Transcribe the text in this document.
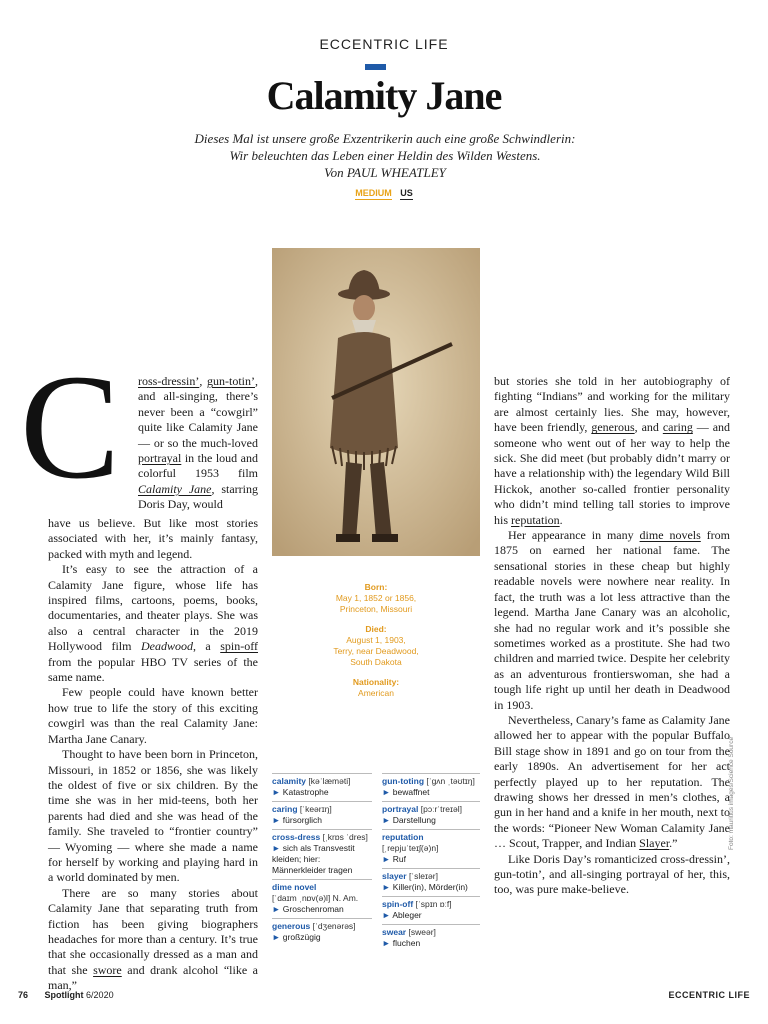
ECCENTRIC LIFE
Calamity Jane
Dieses Mal ist unsere große Exzentrikerin auch eine große Schwindlerin:
Wir beleuchten das Leben einer Heldin des Wilden Westens.
Von PAUL WHEATLEY
MEDIUM US
C ross-dressin’, gun-totin’, and all-singing, there’s never been a “cowgirl” quite like Calamity Jane — or so the much-loved portrayal in the loud and colorful 1953 film Calamity Jane, starring Doris Day, would

have us believe. But like most stories associated with her, it’s mainly fantasy, packed with myth and legend.

It’s easy to see the attraction of a Calamity Jane figure, whose life has inspired films, cartoons, poems, books, documentaries, and theater plays. She was also a central character in the 2019 Hollywood film Deadwood, a spin-off from the popular HBO TV series of the same name.

Few people could have known better how true to life the story of this exciting cowgirl was than the real Calamity Jane: Martha Jane Canary.

Thought to have been born in Princeton, Missouri, in 1852 or 1856, she was likely the oldest of five or six children. By the time she was in her mid-teens, both her parents had died and she was head of the family. She traveled to “frontier country” — Wyoming — where she made a name for herself by working and playing hard in a world dominated by men.

There are so many stories about Calamity Jane that separating truth from fiction has been giving biographers headaches for more than a century. It’s true that she occasionally dressed as a man and that she swore and drank alcohol “like a man,”

Born:
May 1, 1852 or 1856,
Princeton, Missouri
Died:
August 1, 1903,
Terry, near Deadwood,
South Dakota
Nationality:
American
calamity [kəˈlæməti]
► Katastrophe
caring [ˈkeərɪŋ]
► fürsorglich
cross-dress [ˌkrɒs ˈdres]
► sich als Transvestit kleiden; hier: Männerkleider tragen
dime novel
[ˈdaɪm ˌnɒv(ə)l] N. Am.
► Groschenroman
generous [ˈdʒenərəs]
► großzügig
gun-toting [ˈɡʌn ˌtəʊtɪŋ]
► bewaffnet
portrayal [pɔːrˈtreɪəl]
► Darstellung
reputation
[ˌrepjuˈteɪʃ(ə)n]
► Ruf
slayer [ˈsleɪər]
► Killer(in), Mörder(in)
spin-off [ˈspɪn ɒːf]
► Ableger
swear [sweər]
► fluchen

but stories she told in her autobiography of fighting “Indians” and working for the military are almost certainly lies. She may, however, have been friendly, generous, and caring — and someone who went out of her way to help the sick. She did meet (but probably didn’t marry or have a relationship with) the legendary Wild Bill Hickok, another so-called frontier personality who didn’t mind telling tall stories to improve his reputation.

Her appearance in many dime novels from 1875 on earned her national fame. The sensational stories in these cheap but highly readable novels were nowhere near reality. In fact, the truth was a lot less attractive than the legend. Martha Jane Canary was an alcoholic, she had no regular work and it’s possible she sometimes worked as a prostitute. She had two children and married twice. Despite her celebrity as an adventurous frontierswoman, she had a tough life right up until her death in Deadwood in 1903.

Nevertheless, Canary’s fame as Calamity Jane allowed her to appear with the popular Buffalo Bill stage show in 1891 and go on tour from the early 1890s. An advertisement for her act perfectly played up to her reputation. The drawing shows her dressed in men’s clothes, a gun in her hand and a knife in her mouth, next to the words: “Pioneer New Woman Calamity Jane … Scout, Trapper, and Indian Slayer.”

Like Doris Day’s romanticized cross-dressin’, gun-totin’, and all-singing portrayal of her, this, too, was pure make-believe.

Foto: mauritius images/Science Source
76 Spotlight 6/2020	ECCENTRIC LIFE
